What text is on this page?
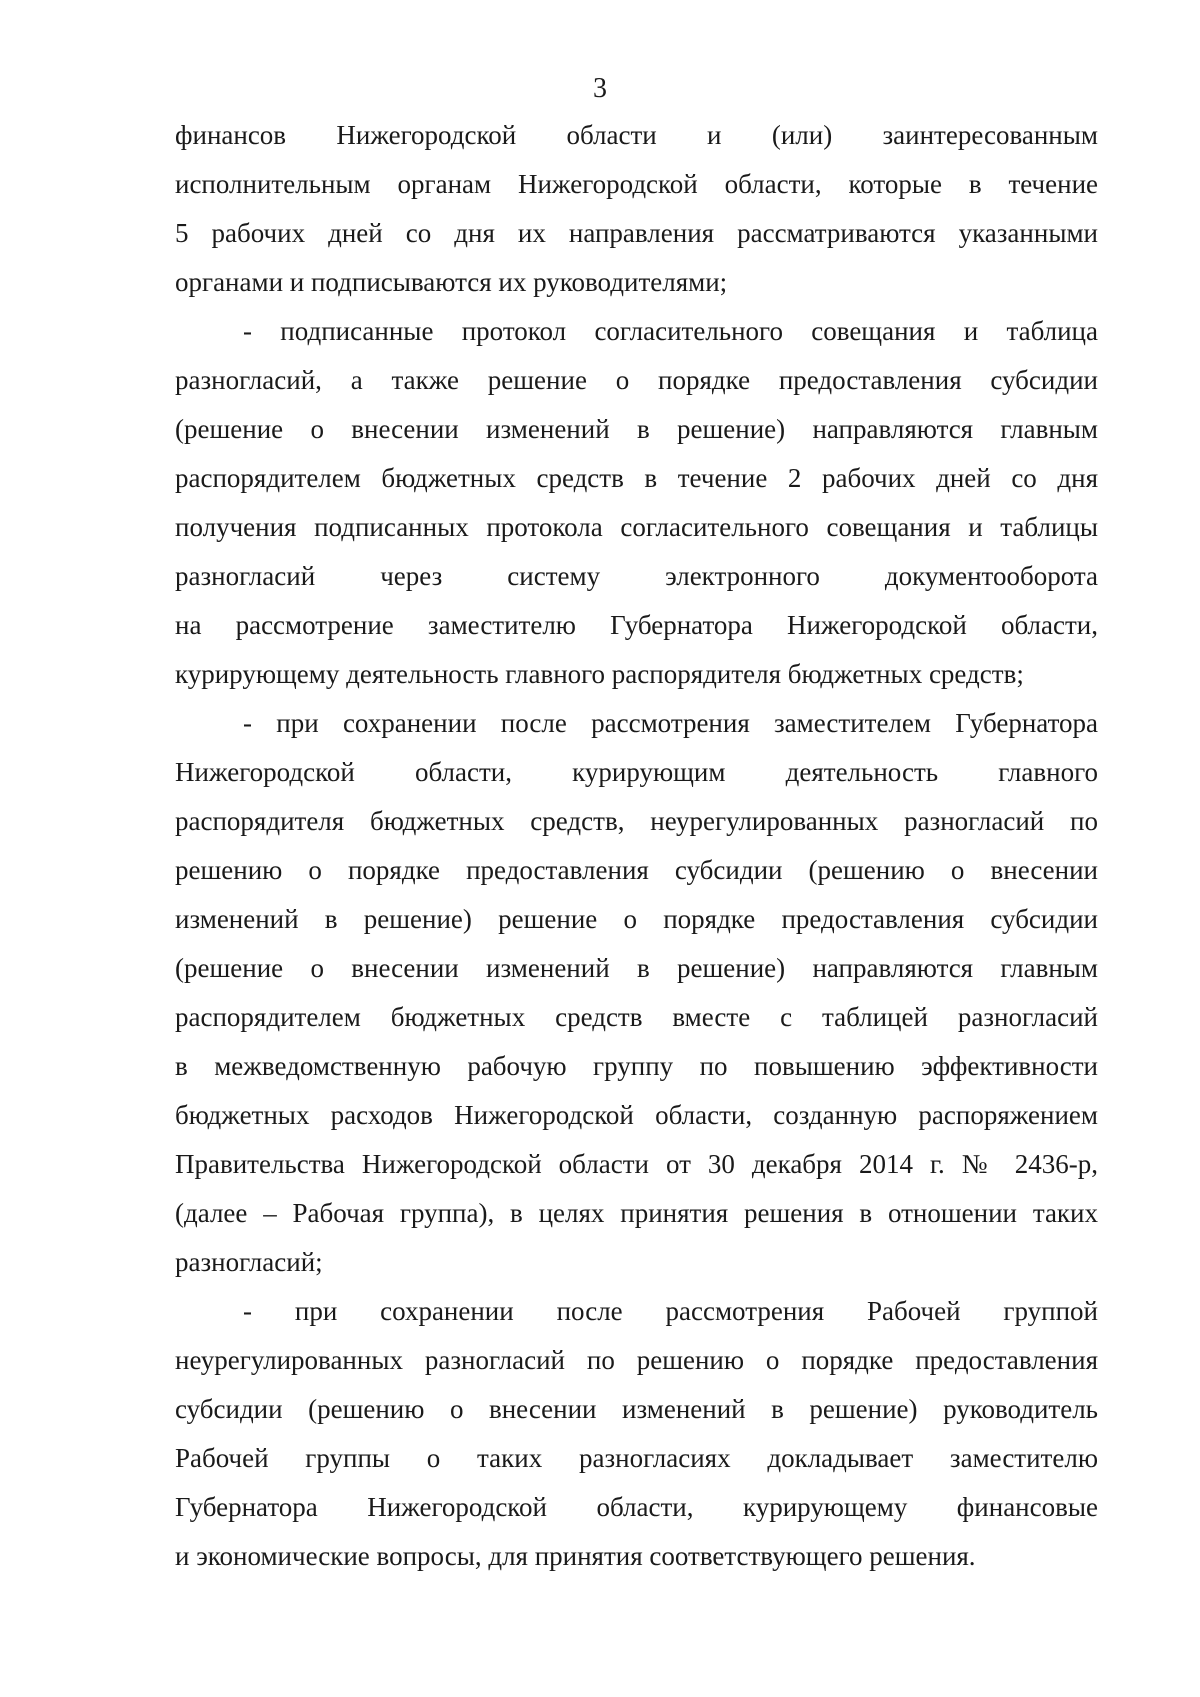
3
финансов Нижегородской области и (или) заинтересованным
исполнительным органам Нижегородской области, которые в течение
5 рабочих дней со дня их направления рассматриваются указанными
органами и подписываются их руководителями;
- подписанные протокол согласительного совещания и таблица
разногласий, а также решение о порядке предоставления субсидии
(решение о внесении изменений в решение) направляются главным
распорядителем бюджетных средств в течение 2 рабочих дней со дня
получения подписанных протокола согласительного совещания и таблицы
разногласий через систему электронного документооборота
на рассмотрение заместителю Губернатора Нижегородской области,
курирующему деятельность главного распорядителя бюджетных средств;
- при сохранении после рассмотрения заместителем Губернатора
Нижегородской области, курирующим деятельность главного
распорядителя бюджетных средств, неурегулированных разногласий по
решению о порядке предоставления субсидии (решению о внесении
изменений в решение) решение о порядке предоставления субсидии
(решение о внесении изменений в решение) направляются главным
распорядителем бюджетных средств вместе с таблицей разногласий
в межведомственную рабочую группу по повышению эффективности
бюджетных расходов Нижегородской области, созданную распоряжением
Правительства Нижегородской области от 30 декабря 2014 г. № 2436-р,
(далее – Рабочая группа), в целях принятия решения в отношении таких
разногласий;
- при сохранении после рассмотрения Рабочей группой
неурегулированных разногласий по решению о порядке предоставления
субсидии (решению о внесении изменений в решение) руководитель
Рабочей группы о таких разногласиях докладывает заместителю
Губернатора Нижегородской области, курирующему финансовые
и экономические вопросы, для принятия соответствующего решения.
